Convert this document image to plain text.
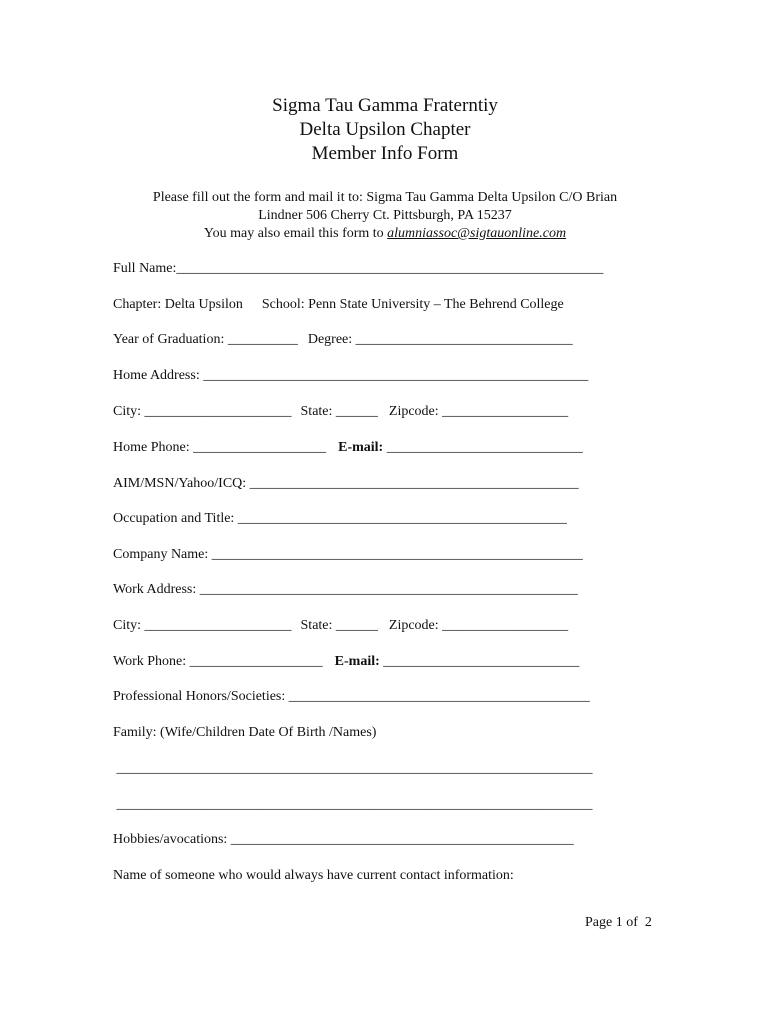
Sigma Tau Gamma Fraterntiy
Delta Upsilon Chapter
Member Info Form
Please fill out the form and mail it to: Sigma Tau Gamma Delta Upsilon C/O Brian
Lindner 506 Cherry Ct. Pittsburgh, PA 15237
You may also email this form to alumniassoc@sigtauonline.com
Full Name:_____________________________________________________________
Chapter: Delta Upsilon School: Penn State University – The Behrend College
Year of Graduation: __________ Degree: _______________________________
Home Address: _______________________________________________________
City: _____________________ State: ______ Zipcode: __________________
Home Phone: ___________________ E-mail: ____________________________
AIM/MSN/Yahoo/ICQ: _______________________________________________
Occupation and Title: _______________________________________________
Company Name: _____________________________________________________
Work Address: ______________________________________________________
City: _____________________ State: ______ Zipcode: __________________
Work Phone: ___________________ E-mail: ____________________________
Professional Honors/Societies: ___________________________________________
Family: (Wife/Children Date Of Birth /Names)
____________________________________________________________________
____________________________________________________________________
Hobbies/avocations: _________________________________________________
Name of someone who would always have current contact information:
Page 1 of  2
